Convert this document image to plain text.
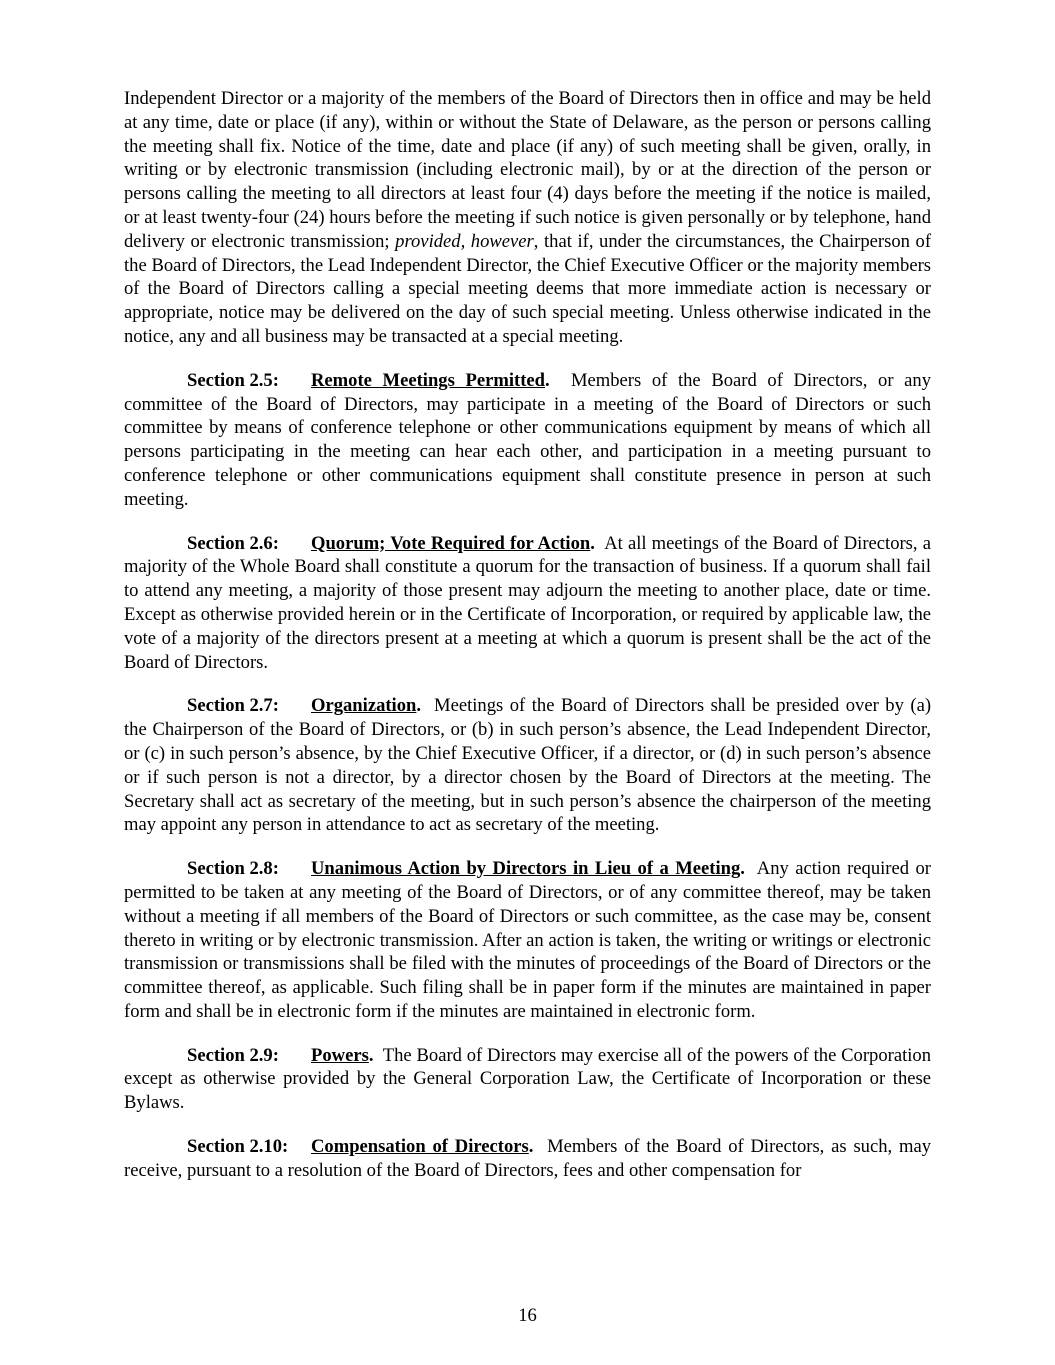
Independent Director or a majority of the members of the Board of Directors then in office and may be held at any time, date or place (if any), within or without the State of Delaware, as the person or persons calling the meeting shall fix. Notice of the time, date and place (if any) of such meeting shall be given, orally, in writing or by electronic transmission (including electronic mail), by or at the direction of the person or persons calling the meeting to all directors at least four (4) days before the meeting if the notice is mailed, or at least twenty-four (24) hours before the meeting if such notice is given personally or by telephone, hand delivery or electronic transmission; provided, however, that if, under the circumstances, the Chairperson of the Board of Directors, the Lead Independent Director, the Chief Executive Officer or the majority members of the Board of Directors calling a special meeting deems that more immediate action is necessary or appropriate, notice may be delivered on the day of such special meeting. Unless otherwise indicated in the notice, any and all business may be transacted at a special meeting.

Section 2.5: Remote Meetings Permitted. Members of the Board of Directors, or any committee of the Board of Directors, may participate in a meeting of the Board of Directors or such committee by means of conference telephone or other communications equipment by means of which all persons participating in the meeting can hear each other, and participation in a meeting pursuant to conference telephone or other communications equipment shall constitute presence in person at such meeting.

Section 2.6: Quorum; Vote Required for Action. At all meetings of the Board of Directors, a majority of the Whole Board shall constitute a quorum for the transaction of business. If a quorum shall fail to attend any meeting, a majority of those present may adjourn the meeting to another place, date or time. Except as otherwise provided herein or in the Certificate of Incorporation, or required by applicable law, the vote of a majority of the directors present at a meeting at which a quorum is present shall be the act of the Board of Directors.

Section 2.7: Organization. Meetings of the Board of Directors shall be presided over by (a) the Chairperson of the Board of Directors, or (b) in such person’s absence, the Lead Independent Director, or (c) in such person’s absence, by the Chief Executive Officer, if a director, or (d) in such person’s absence or if such person is not a director, by a director chosen by the Board of Directors at the meeting. The Secretary shall act as secretary of the meeting, but in such person’s absence the chairperson of the meeting may appoint any person in attendance to act as secretary of the meeting.

Section 2.8: Unanimous Action by Directors in Lieu of a Meeting. Any action required or permitted to be taken at any meeting of the Board of Directors, or of any committee thereof, may be taken without a meeting if all members of the Board of Directors or such committee, as the case may be, consent thereto in writing or by electronic transmission. After an action is taken, the writing or writings or electronic transmission or transmissions shall be filed with the minutes of proceedings of the Board of Directors or the committee thereof, as applicable. Such filing shall be in paper form if the minutes are maintained in paper form and shall be in electronic form if the minutes are maintained in electronic form.

Section 2.9: Powers. The Board of Directors may exercise all of the powers of the Corporation except as otherwise provided by the General Corporation Law, the Certificate of Incorporation or these Bylaws.

Section 2.10: Compensation of Directors. Members of the Board of Directors, as such, may receive, pursuant to a resolution of the Board of Directors, fees and other compensation for

16
